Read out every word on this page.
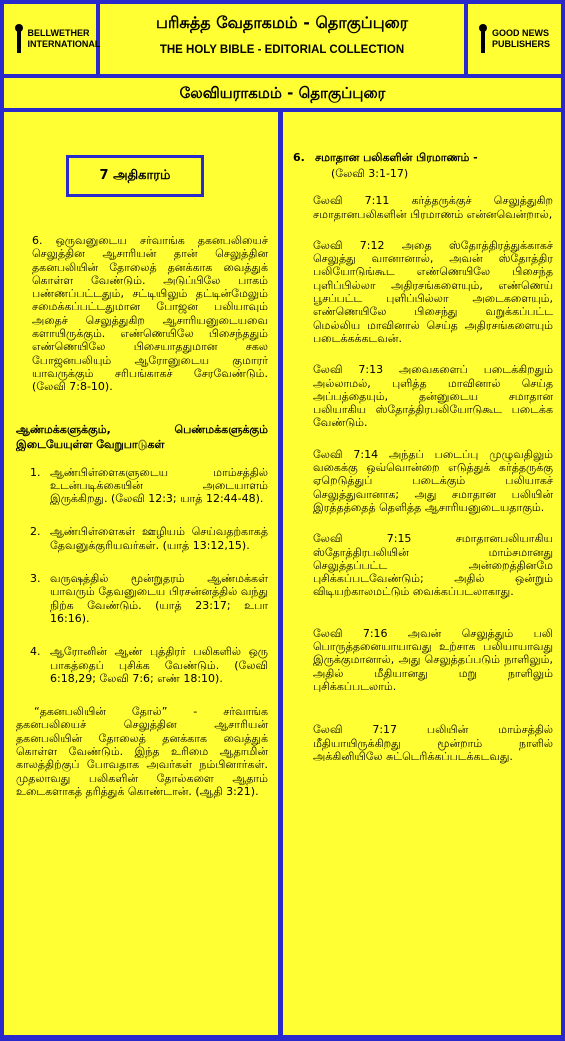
BELLWETHER INTERNATIONAL
பரிசுத்த வேதாகமம் - தொகுப்புரை
THE HOLY BIBLE - EDITORIAL COLLECTION
GOOD NEWS PUBLISHERS
லேவியராகமம் - தொகுப்புரை
7 அதிகாரம்

6. ஒருவனுடைய சர்வாங்க தகனபலியைச் செலுத்தின ஆசாரியன் தான் செலுத்தின தகனபலியின் தோலைத் தனக்காக வைத்துக் கொள்ள வேண்டும். அடுப்பிலே பாகம் பண்ணப்பட்டதும், சட்டியிலும் தட்டின்மேலும் சமைக்கப்பட்டதுமான போஜன பலியாவும் அதைச் செலுத்துகிற ஆசாரியனுடையவை களாயிருக்கும். எண்ணெயிலே பிசைந்ததும் எண்ணெயிலே பிசையாததுமான சகல போஜனபலியும் ஆரோனுடைய குமாரர் யாவருக்கும் சரிபங்காகச் சேரவேண்டும். (லேவி 7:8-10).

ஆண்மக்களுக்கும், பெண்மக்களுக்கும் இடையேயுள்ள வேறுபாடுகள்

1. ஆண்பிள்ளைகளுடைய மாம்சத்தில் உடன்படிக்கையின் அடையாளம் இருக்கிறது. (லேவி 12:3; யாத் 12:44-48).

2. ஆண்பிள்ளைகள் ஊழியம் செய்வதற்காகத் தேவனுக்குரியவர்கள். (யாத் 13:12,15).

3. வருஷத்தில் மூன்றுதரம் ஆண்மக்கள் யாவரும் தேவனுடைய பிரசன்னத்தில் வந்து நிற்க வேண்டும். (யாத் 23:17; உபா 16:16).

4. ஆரோனின் ஆண் புத்திரர் பலிகளில் ஒரு பாகத்தைப் புசிக்க வேண்டும். (லேவி 6:18,29; லேவி 7:6; எண் 18:10).

“தகனபலியின் தோல்” - சர்வாங்க தகனபலியைச் செலுத்தின ஆசாரியன் தகனபலியின் தோலைத் தனக்காக வைத்துக் கொள்ள வேண்டும். இந்த உரிமை ஆதாமின் காலத்திற்குப் போவதாக அவர்கள் நம்பினார்கள். முதலாவது பலிகளின் தோல்களை ஆதாம் உடைகளாகத் தரித்துக் கொண்டான். (ஆதி 3:21).

6. சமாதான பலிகளின் பிரமாணம் -

(லேவி 3:1-17)

லேவி 7:11 கர்த்தருக்குச் செலுத்துகிற சமாதானபலிகளின் பிரமாணம் என்னவென்றால்,

லேவி 7:12 அதை ஸ்தோத்திரத்துக்காகச் செலுத்து வானானால், அவன் ஸ்தோத்திர பலியோடுங்கூட எண்ணெயிலே பிசைந்த புளிப்பில்லா அதிரசங்களையும், எண்ணெய் பூசப்பட்ட புளிப்பில்லா அடைகளையும், எண்ணெயிலே பிசைந்து வறுக்கப்பட்ட மெல்லிய மாவினால் செய்த அதிரசங்களையும் படைக்கக்கடவன்.

லேவி 7:13 அவைகளைப் படைக்கிறதும் அல்லாமல், புளித்த மாவினால் செய்த அப்பத்தையும், தன்னுடைய சமாதான பலியாகிய ஸ்தோத்திரபலியோடுகூட படைக்க வேண்டும்.

லேவி 7:14 அந்தப் படைப்பு முழுவதிலும் வகைக்கு ஒவ்வொன்றை எடுத்துக் கர்த்தருக்கு ஏறெடுத்துப் படைக்கும் பலியாகச் செலுத்துவானாக; அது சமாதான பலியின் இரத்தத்தைத் தெளித்த ஆசாரியனுடையதாகும்.

லேவி 7:15 சமாதானபலியாகிய ஸ்தோத்திரபலியின் மாம்சமானது செலுத்தப்பட்ட அன்றைத்தினமே புசிக்கப்படவேண்டும்; அதில் ஒன்றும் விடியற்காலமட்டும் வைக்கப்படலாகாது.

லேவி 7:16 அவன் செலுத்தும் பலி பொருத்தனையாயாவது உற்சாக பலியாயாவது இருக்குமானால், அது செலுத்தப்படும் நாளிலும், அதில் மீதியானது மறு நாளிலும் புசிக்கப்படலாம்.

லேவி 7:17 பலியின் மாம்சத்தில் மீதியாயிருக்கிறது மூன்றாம் நாளில் அக்கினியிலே சுட்டெரிக்கப்படக்கடவது.
